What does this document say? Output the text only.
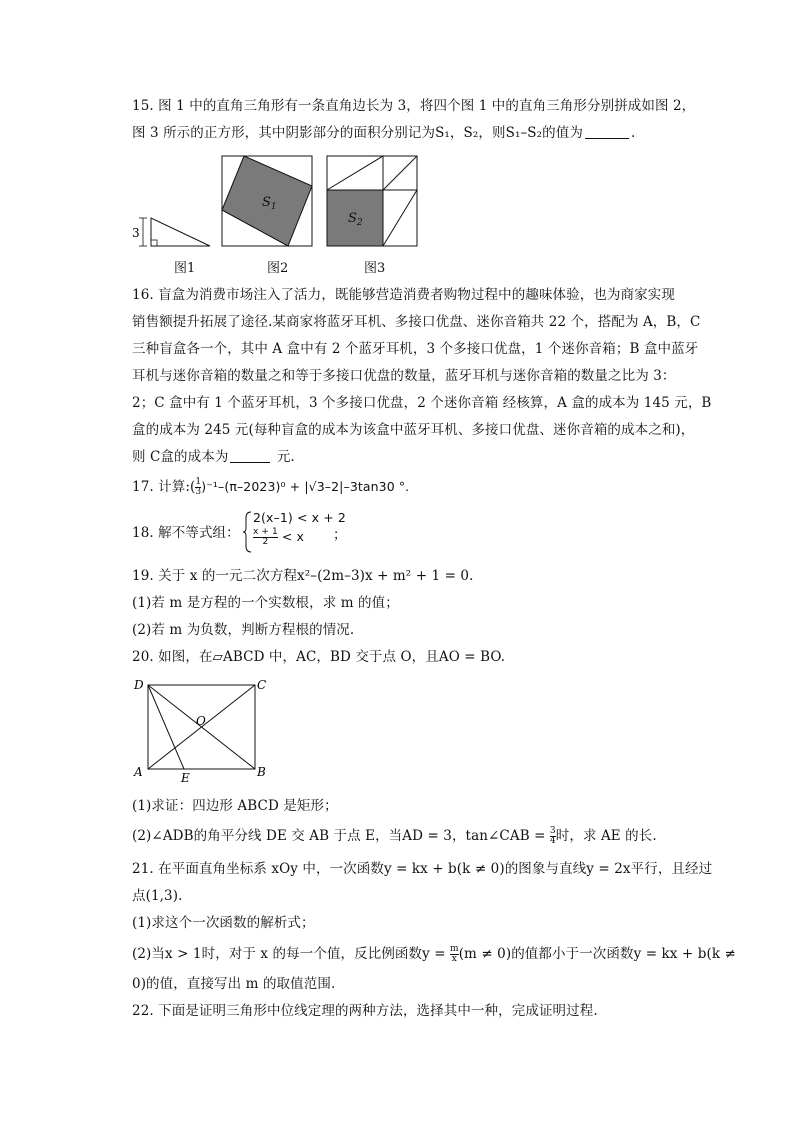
15. 图 1 中的直角三角形有一条直角边长为 3，将四个图 1 中的直角三角形分别拼成如图 2，
图 3 所示的正方形，其中阴影部分的面积分别记为S₁，S₂，则S₁–S₂的值为	.
3
$S_1$
$S_2$
图1	图2	图3
16. 盲盒为消费市场注入了活力，既能够营造消费者购物过程中的趣味体验，也为商家实现
销售额提升拓展了途径.某商家将蓝牙耳机、多接口优盘、迷你音箱共 22 个，搭配为 A，B，C
三种盲盒各一个，其中 A 盒中有 2 个蓝牙耳机，3 个多接口优盘，1 个迷你音箱；B 盒中蓝牙
耳机与迷你音箱的数量之和等于多接口优盘的数量，蓝牙耳机与迷你音箱的数量之比为 3：
2；C 盒中有 1 个蓝牙耳机，3 个多接口优盘，2 个迷你音箱 经核算，A 盒的成本为 145 元，B
盒的成本为 245 元(每种盲盒的成本为该盒中蓝牙耳机、多接口优盘、迷你音箱的成本之和)，
则 C盒的成本为	元.
17. 计算:( $\frac{1}{3} )^{-1}-(\pi-2023)^0 + |√3-2|-3\tan 30$ °.
18. 解不等式组：
2(x–1) < x + 2
$\frac{x + 1}{2} < x$ ；
19. 关于 x 的一元二次方程x²–(2m–3)x + m² + 1 = 0.
(1)若 m 是方程的一个实数根，求 m 的值；
(2)若 m 为负数，判断方程根的情况.
20. 如图，在▱ABCD 中，AC，BD 交于点 O，且AO = BO.
D	C
O
A	E	B
(1)求证：四边形 ABCD 是矩形；
(2)∠ADB的角平分线 DE 交 AB 于点 E，当AD = 3，tan∠CAB = $\frac{3}{4}$ 时，求 AE 的长.
21. 在平面直角坐标系 xOy 中，一次函数y = kx + b(k ≠ 0)的图象与直线y = 2x平行，且经过
点(1,3).
(1)求这个一次函数的解析式；
(2)当x > 1时，对于 x 的每一个值，反比例函数$y = \frac{m}{x} (m \ne 0)$的值都小于一次函数y = kx + b(k ≠
0)的值，直接写出 m 的取值范围.
22. 下面是证明三角形中位线定理的两种方法，选择其中一种，完成证明过程.
